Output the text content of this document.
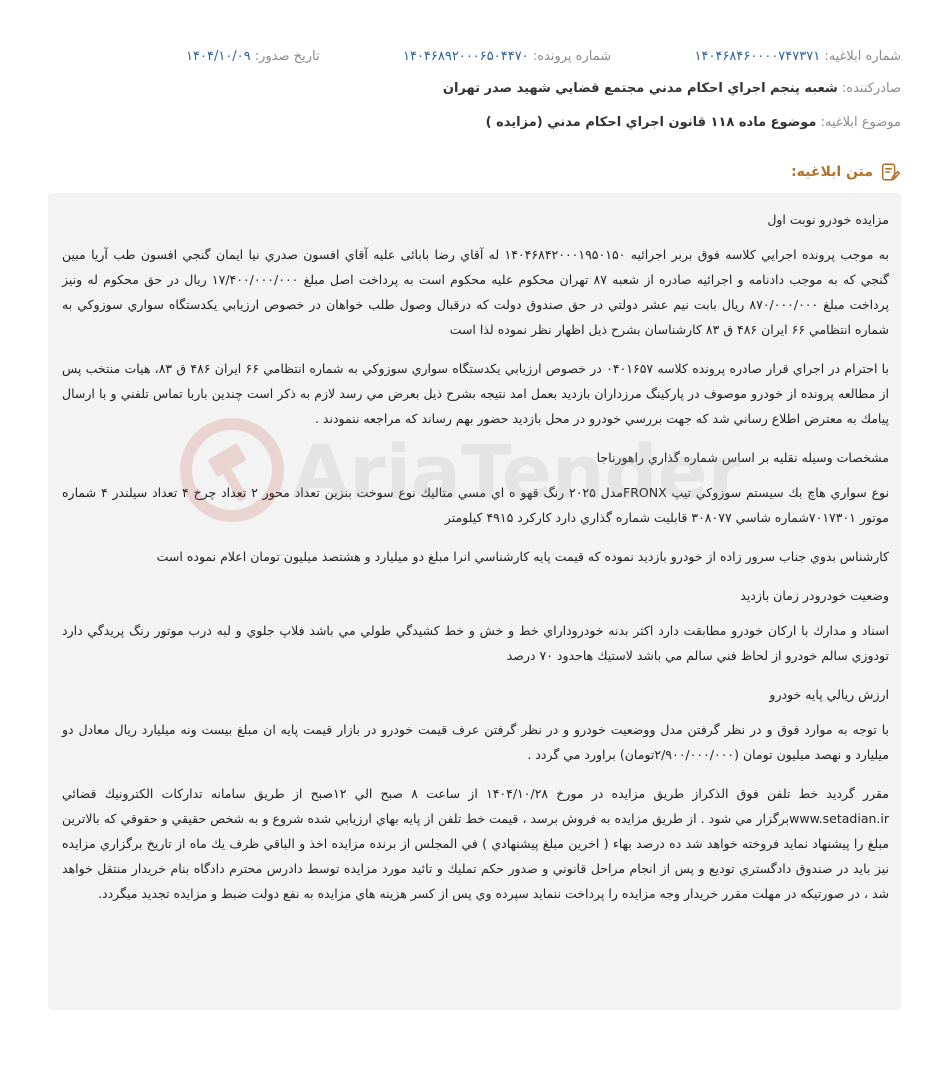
شماره ابلاغيه: ۱۴۰۴۶۸۴۶۰۰۰۰۷۴۷۳۷۱
شماره پرونده: ۱۴۰۴۶۸۹۲۰۰۰۶۵۰۴۴۷۰
تاريخ صدور: ۱۴۰۴/۱۰/۰۹
صادرکننده: شعبه پنجم اجراي احكام مدني مجتمع قضايي شهيد صدر تهران
موضوع ابلاغيه: موضوع ماده ۱۱۸ قانون اجراي احکام مدني (مزايده )
متن ابلاغيه:

مزايده خودرو نوبت اول

به موجب پرونده اجرايي كلاسه فوق بربر اجرائيه ۱۴۰۴۶۸۴۲۰۰۰۱۹۵۰۱۵۰ له آقاي رضا بابائى عليه آقاي افسون صدري نيا ايمان گنجي افسون طب آريا مبين گنجي كه به موجب دادنامه و اجرائيه صادره از شعبه ۸۷ تهران محكوم عليه محكوم است به پرداخت اصل مبلغ ۱۷/۴۰۰/۰۰۰/۰۰۰ ريال در حق محكوم له ونيز پرداخت مبلغ ۸۷۰/۰۰۰/۰۰۰ ريال بابت نيم عشر دولتي در حق صندوق دولت كه درقبال وصول طلب خواهان در خصوص ارزيابي يكدستگاه سواري سوزوكي به شماره انتظامي ۶۶ ايران ۴۸۶ ق ۸۳ كارشناسان بشرح ذيل اظهار نظر نموده لذا است

با احترام در اجراي قرار صادره پرونده كلاسه ۰۴۰۱۶۵۷ در خصوص ارزيابي يكدستگاه سواري سوزوكي به شماره انتظامي ۶۶ ايران ۴۸۶ ق ۸۳، هيات منتخب پس از مطالعه پرونده از خودرو موصوف در پاركينگ مرزداران بازديد بعمل امد نتيجه بشرح ذيل بعرض مي رسد لازم به ذكر است چندين باربا تماس تلفني و با ارسال پيامك به معترض اطلاع رساني شد كه جهت بررسي خودرو در محل بازديد حضور بهم رساند كه مراجعه ننمودند .

مشخصات وسيله نقليه بر اساس شماره گذاري راهورناجا

نوع سواري هاچ بك سيستم سوزوكي تيپ FRONXمدل ۲۰۲۵ رنگ قهو ه اي مسي متاليك نوع سوخت بنزين تعداد محور ۲ تعداد چرخ ۴ تعداد سيلندر ۴ شماره موتور ۷۰۱۷۳۰۱شماره شاسي ۳۰۸۰۷۷ قابليت شماره گذاري دارد كاركرد ۴۹۱۵ كيلومتر

كارشناس بدوي جناب سرور زاده از خودرو بازديد نموده كه قيمت پايه كارشناسي انرا مبلغ دو ميليارد و هشتصد ميليون تومان اعلام نموده است

وضعيت خودرودر زمان بازديد

اسناد و مدارك با اركان خودرو مطابقت دارد اكثر بدنه خودروداراي خط و خش و خط كشيدگي طولي مي باشد فلاپ جلوي و لبه درب موتور رنگ پريدگي دارد تودوزي سالم خودرو از لحاظ فني سالم مي باشد لاستيك هاحدود ۷۰ درصد

ارزش ريالي پايه خودرو

با توجه به موارد فوق و در نظر گرفتن مدل ووضعيت خودرو و در نظر گرفتن عرف قيمت خودرو در بازار قيمت پايه ان مبلغ بيست ونه ميليارد ريال معادل دو ميليارد و نهصد ميليون تومان (۲/۹۰۰/۰۰۰/۰۰۰تومان) براورد مي گردد .

مقرر گرديد خط تلفن فوق الذكراز طريق مزايده در مورخ ۱۴۰۴/۱۰/۲۸ از ساعت ۸ صبح الي ۱۲صبح از طريق سامانه تداركات الكترونيك قضائي www.setadian.irبرگزار مي شود . از طريق مزايده به فروش برسد ، قيمت خط تلفن از پايه بهاي ارزيابي شده شروع و به شخص حقيقي و حقوقي كه بالاترين مبلغ را پيشنهاد نمايد فروخته خواهد شد ده درصد بهاء ( اخرين مبلغ پيشنهادي ) في المجلس از برنده مزايده اخذ و الباقي ظرف يك ماه از تاريخ برگزاري مزايده نيز بايد در صندوق دادگستري توديع و پس از انجام مراحل قانوني و صدور حكم تمليك و تائيد مورد مزايده توسط دادرس محترم دادگاه بنام خريدار منتقل خواهد شد ، در صورتيكه در مهلت مقرر خريدار وجه مزايده را پرداخت ننمايد سپرده وي پس از كسر هزينه هاي مزايده به نفع دولت ضبط و مزايده تجديد ميگردد.
